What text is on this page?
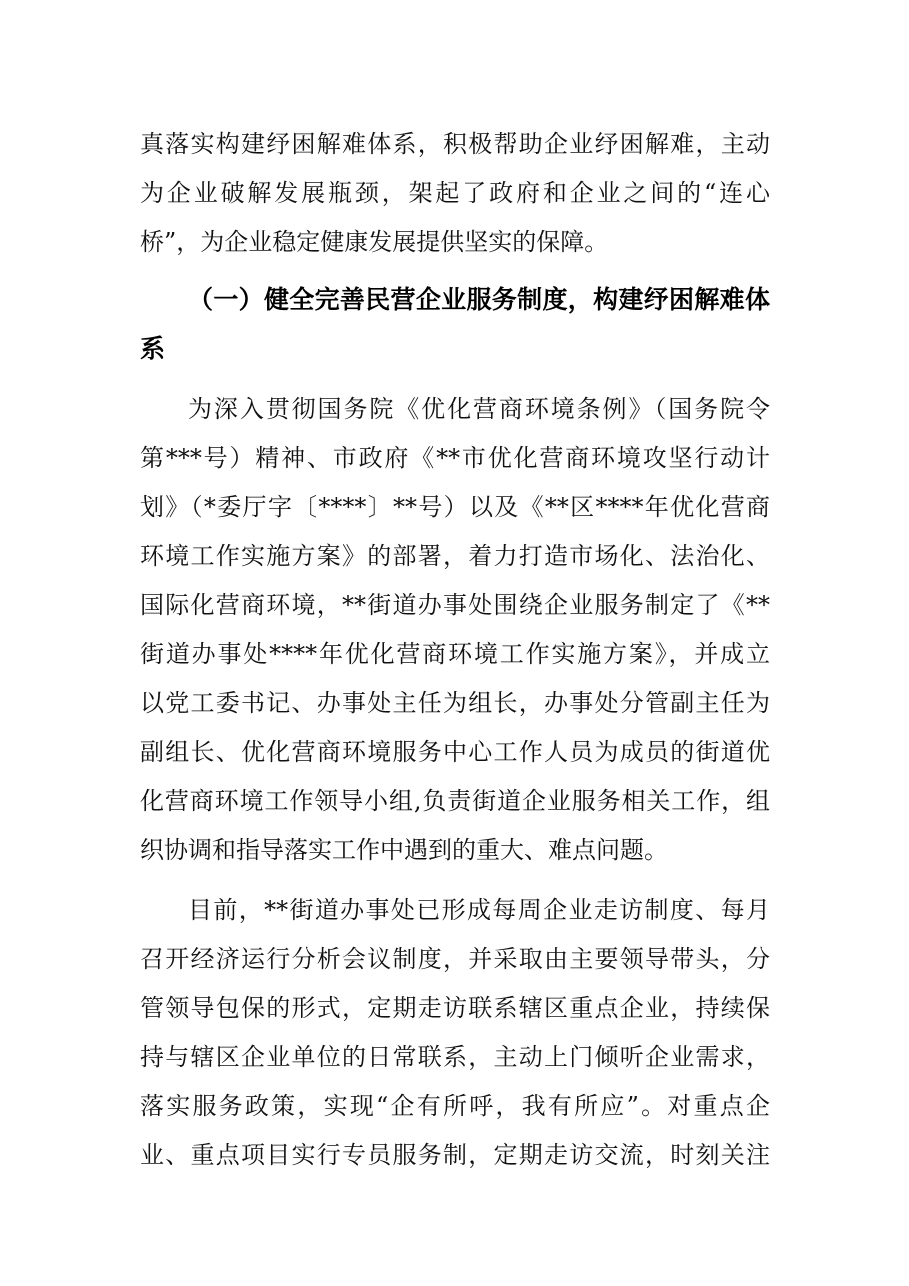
真落实构建纾困解难体系，积极帮助企业纾困解难，主动
为企业破解发展瓶颈，架起了政府和企业之间的“连心
桥”，为企业稳定健康发展提供坚实的保障。
（一）健全完善民营企业服务制度，构建纾困解难体
系
为深入贯彻国务院《优化营商环境条例》（国务院令
第***号）精神、市政府《**市优化营商环境攻坚行动计
划》（*委厅字〔****〕**号）以及《**区****年优化营商
环境工作实施方案》的部署，着力打造市场化、法治化、
国际化营商环境，**街道办事处围绕企业服务制定了《**
街道办事处****年优化营商环境工作实施方案》，并成立
以党工委书记、办事处主任为组长，办事处分管副主任为
副组长、优化营商环境服务中心工作人员为成员的街道优
化营商环境工作领导小组,负责街道企业服务相关工作，组
织协调和指导落实工作中遇到的重大、难点问题。
目前，**街道办事处已形成每周企业走访制度、每月
召开经济运行分析会议制度，并采取由主要领导带头，分
管领导包保的形式，定期走访联系辖区重点企业，持续保
持与辖区企业单位的日常联系，主动上门倾听企业需求，
落实服务政策，实现“企有所呼，我有所应”。对重点企
业、重点项目实行专员服务制，定期走访交流，时刻关注
